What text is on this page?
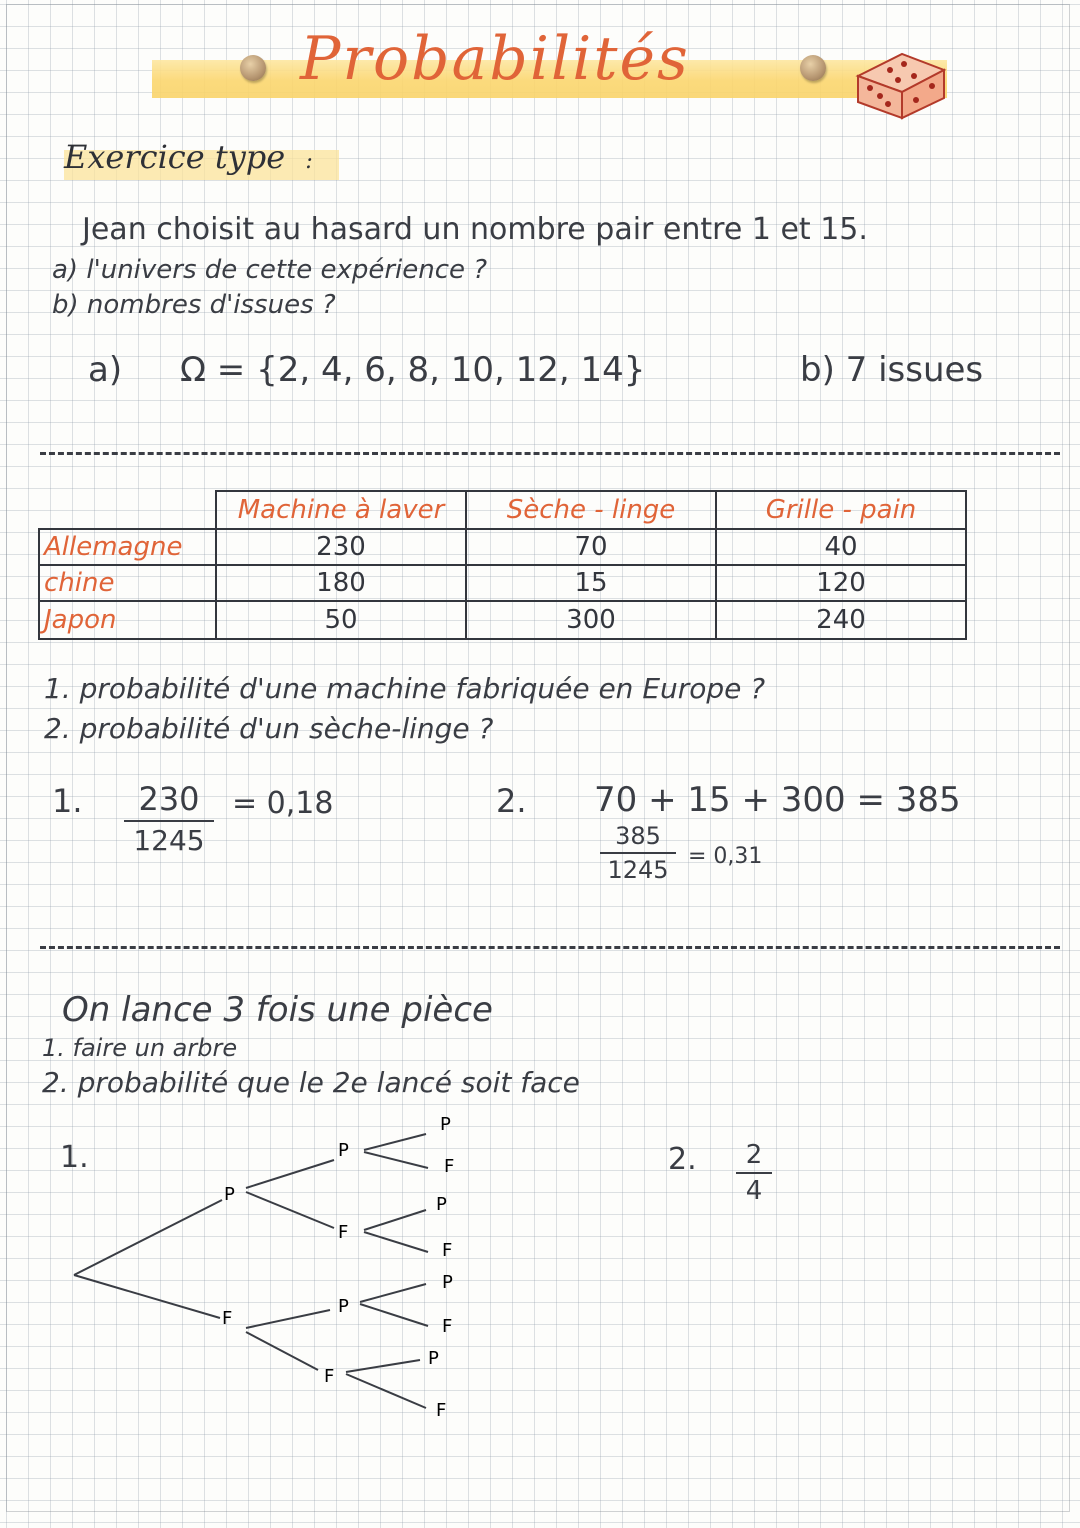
Probabilités
Exercice type :
Jean choisit au hasard un nombre pair entre 1 et 15.
a) l'univers de cette expérience ?
b) nombres d'issues ?
a) Ω = {2, 4, 6, 8, 10, 12, 14}	b) 7 issues
	Machine à laver	Sèche - linge	Grille - pain
Allemagne	230	70	40
chine	180	15	120
Japon	50	300	240
1. probabilité d'une machine fabriquée en Europe ?
2. probabilité d'un sèche-linge ?
1.	230
1245
= 0,18	2. 70 + 15 + 300 = 385
385
1245 = 0,31
On lance 3 fois une pièce
1. faire un arbre
2. probabilité que le 2e lancé soit face
1.	2.	2
4
P
F
P
F
P
F
P
F
P
F
P
F
P
F
